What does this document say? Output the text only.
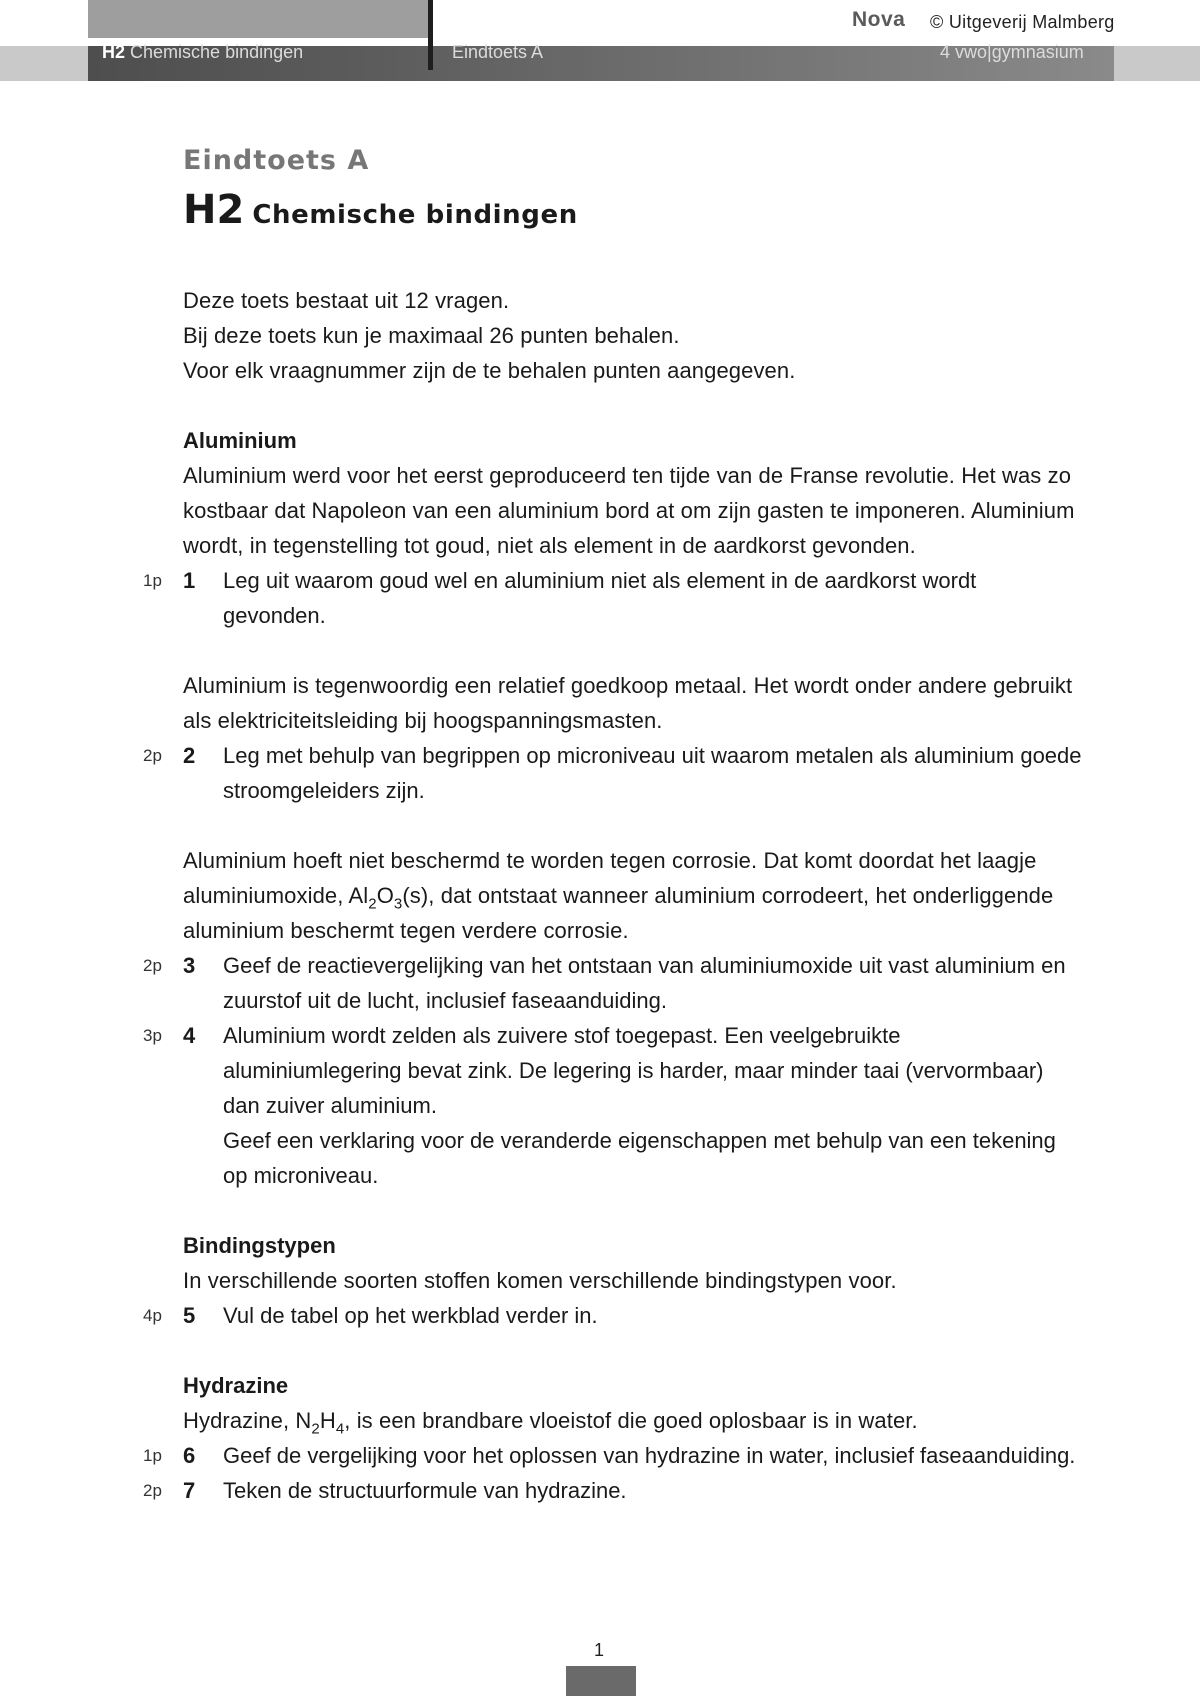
H2 Chemische bindingen	Eindtoets A	4 vwo|gymnasium
Nova © Uitgeverij Malmberg
Eindtoets A
H2 Chemische bindingen

Deze toets bestaat uit 12 vragen.

Bij deze toets kun je maximaal 26 punten behalen.

Voor elk vraagnummer zijn de te behalen punten aangegeven.

Aluminium

Aluminium werd voor het eerst geproduceerd ten tijde van de Franse revolutie. Het was zo kostbaar dat Napoleon van een aluminium bord at om zijn gasten te imponeren. Aluminium wordt, in tegenstelling tot goud, niet als element in de aardkorst gevonden.

1p 1 Leg uit waarom goud wel en aluminium niet als element in de aardkorst wordt gevonden.

Aluminium is tegenwoordig een relatief goedkoop metaal. Het wordt onder andere gebruikt als elektriciteitsleiding bij hoogspanningsmasten.

2p 2 Leg met behulp van begrippen op microniveau uit waarom metalen als aluminium goede stroomgeleiders zijn.

Aluminium hoeft niet beschermd te worden tegen corrosie. Dat komt doordat het laagje aluminiumoxide, $Al_2O_3(s)$, dat ontstaat wanneer aluminium corrodeert, het onderliggende aluminium beschermt tegen verdere corrosie.

2p 3 Geef de reactievergelijking van het ontstaan van aluminiumoxide uit vast aluminium en zuurstof uit de lucht, inclusief faseaanduiding.
3p 4 Aluminium wordt zelden als zuivere stof toegepast. Een veelgebruikte aluminiumlegering bevat zink. De legering is harder, maar minder taai (vervormbaar) dan zuiver aluminium.
Geef een verklaring voor de veranderde eigenschappen met behulp van een tekening op microniveau.
Bindingstypen

In verschillende soorten stoffen komen verschillende bindingstypen voor.

4p 5 Vul de tabel op het werkblad verder in.
Hydrazine

Hydrazine, $N_2H_4$, is een brandbare vloeistof die goed oplosbaar is in water.

1p 6 Geef de vergelijking voor het oplossen van hydrazine in water, inclusief faseaanduiding.
2p 7 Teken de structuurformule van hydrazine.
1
